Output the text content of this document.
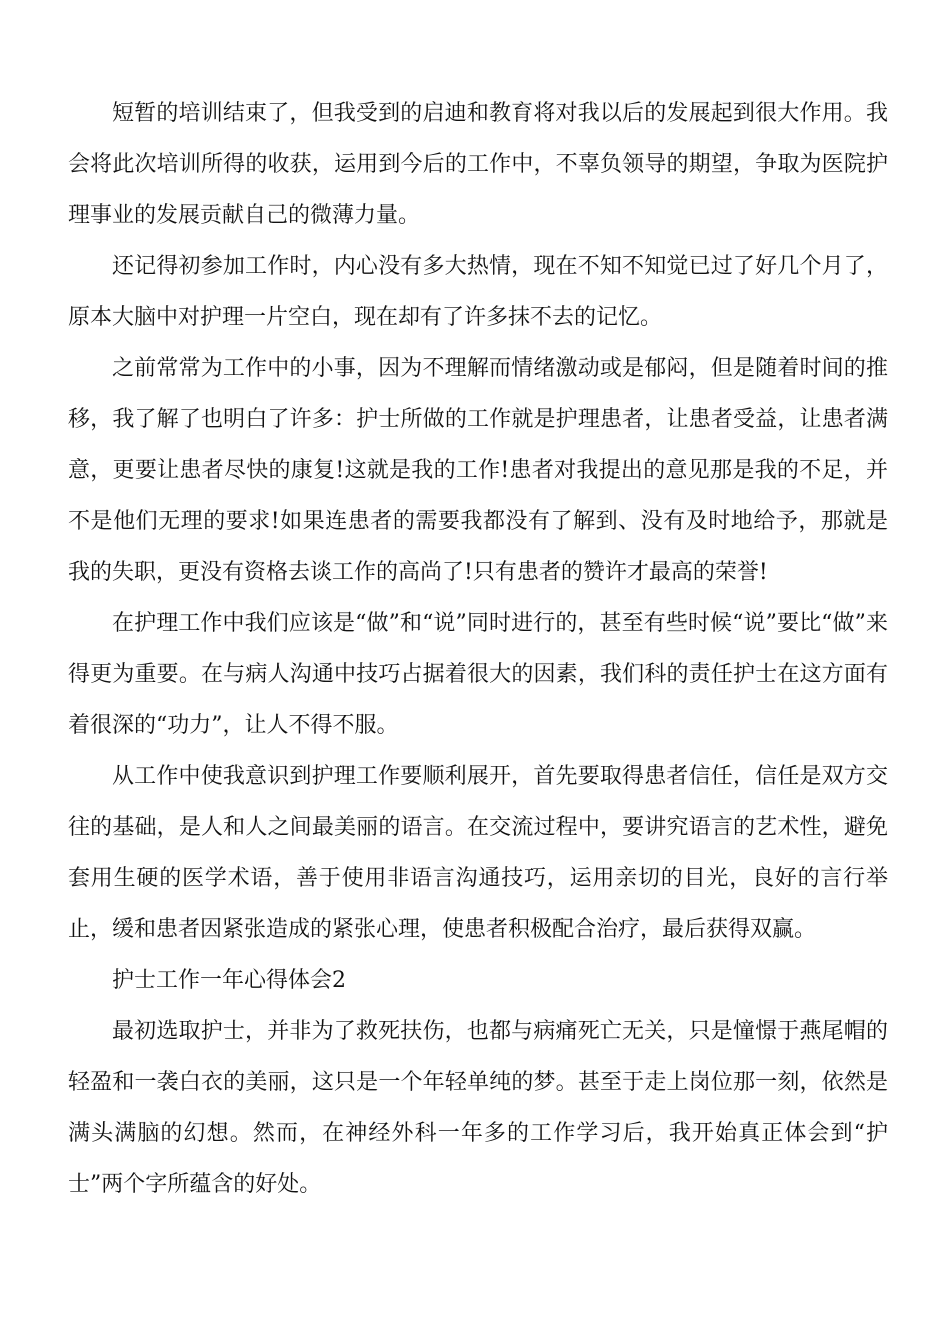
短暂的培训结束了，但我受到的启迪和教育将对我以后的发展起到很大作用。我会将此次培训所得的收获，运用到今后的工作中，不辜负领导的期望，争取为医院护理事业的发展贡献自己的微薄力量。

还记得初参加工作时，内心没有多大热情，现在不知不知觉已过了好几个月了，原本大脑中对护理一片空白，现在却有了许多抹不去的记忆。

之前常常为工作中的小事，因为不理解而情绪激动或是郁闷，但是随着时间的推移，我了解了也明白了许多：护士所做的工作就是护理患者，让患者受益，让患者满意，更要让患者尽快的康复!这就是我的工作!患者对我提出的意见那是我的不足，并不是他们无理的要求!如果连患者的需要我都没有了解到、没有及时地给予，那就是我的失职，更没有资格去谈工作的高尚了!只有患者的赞许才最高的荣誉!

在护理工作中我们应该是“做”和“说”同时进行的，甚至有些时候“说”要比“做”来得更为重要。在与病人沟通中技巧占据着很大的因素，我们科的责任护士在这方面有着很深的“功力”，让人不得不服。

从工作中使我意识到护理工作要顺利展开，首先要取得患者信任，信任是双方交往的基础，是人和人之间最美丽的语言。在交流过程中，要讲究语言的艺术性，避免套用生硬的医学术语，善于使用非语言沟通技巧，运用亲切的目光，良好的言行举止，缓和患者因紧张造成的紧张心理，使患者积极配合治疗，最后获得双赢。

护士工作一年心得体会2

最初选取护士，并非为了救死扶伤，也都与病痛死亡无关，只是憧憬于燕尾帽的轻盈和一袭白衣的美丽，这只是一个年轻单纯的梦。甚至于走上岗位那一刻，依然是满头满脑的幻想。然而，在神经外科一年多的工作学习后，我开始真正体会到“护士”两个字所蕴含的好处。
